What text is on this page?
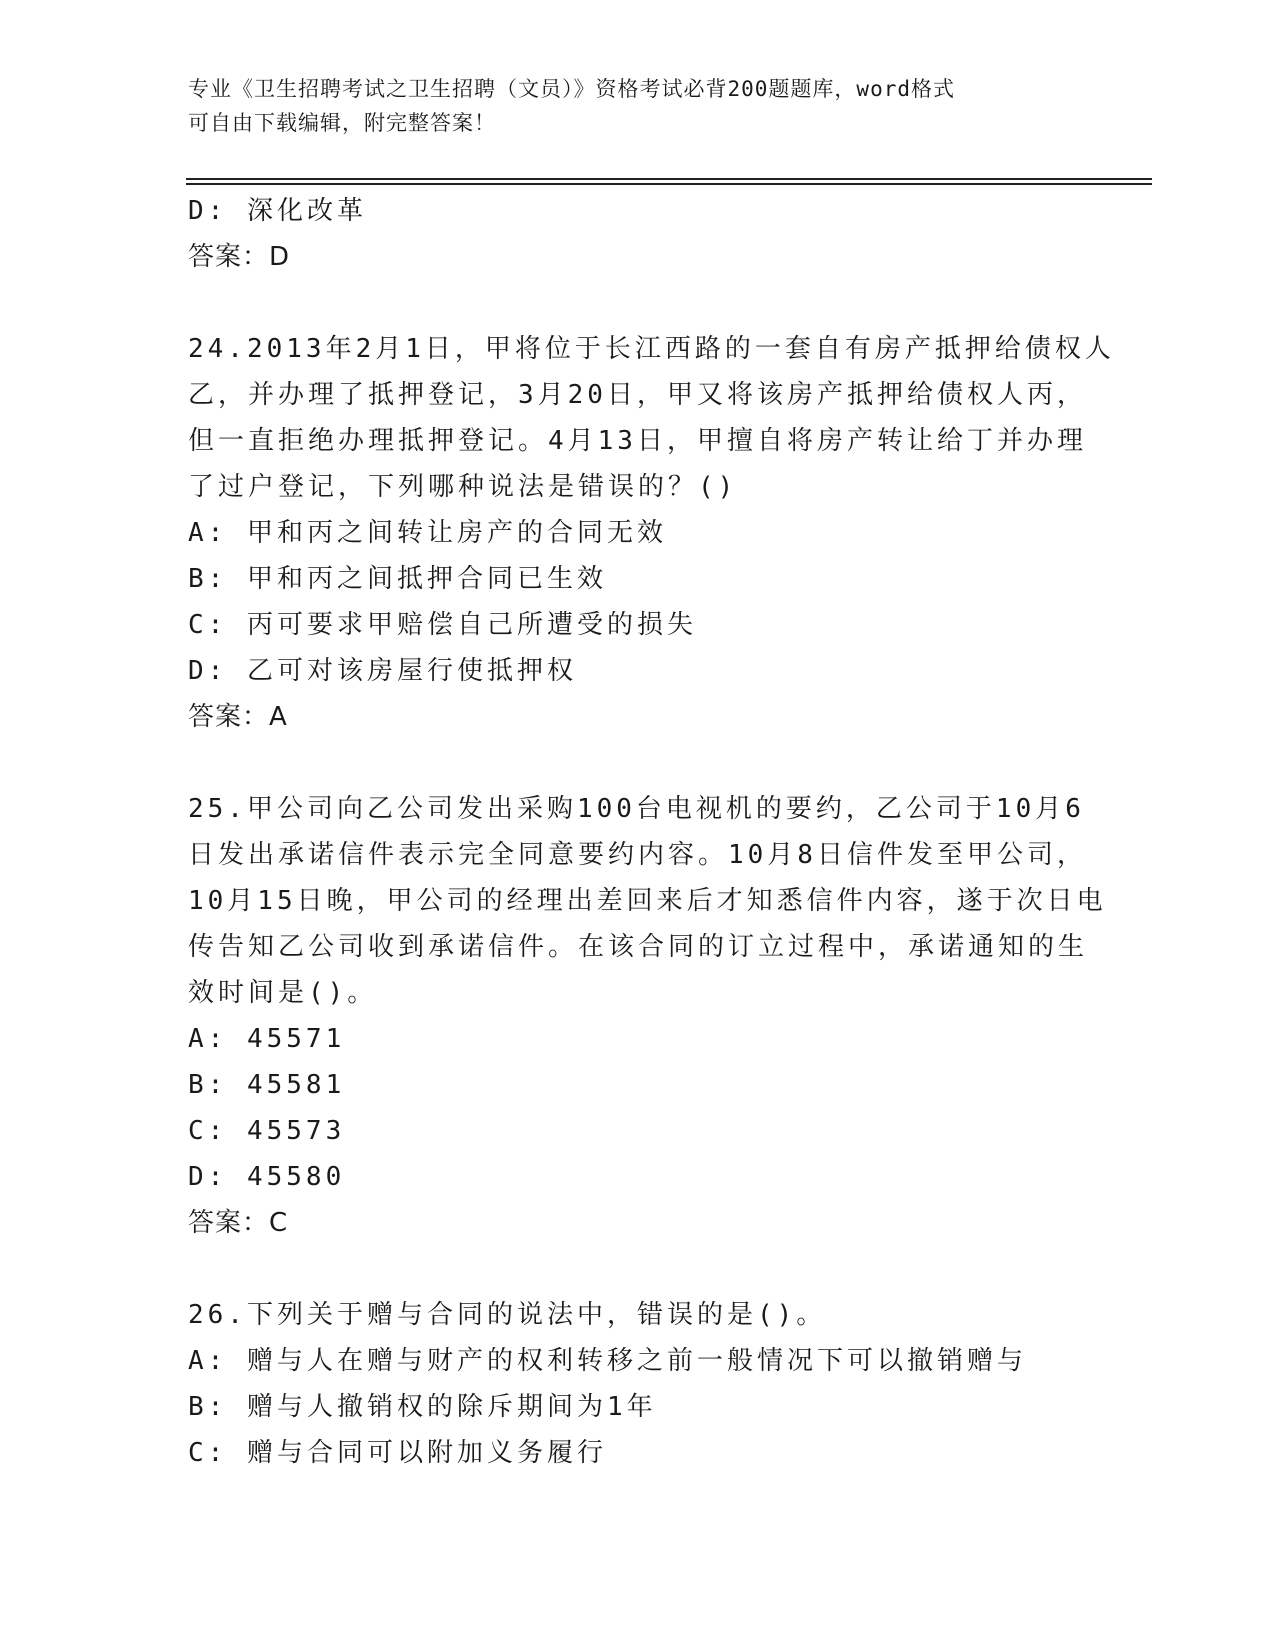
专业《卫生招聘考试之卫生招聘（文员）》资格考试必背200题题库，word格式
可自由下载编辑，附完整答案！
D: 深化改革
答案：D
24.2013年2月1日，甲将位于长江西路的一套自有房产抵押给债权人
乙，并办理了抵押登记，3月20日，甲又将该房产抵押给债权人丙，
但一直拒绝办理抵押登记。4月13日，甲擅自将房产转让给丁并办理
了过户登记，下列哪种说法是错误的？()
A: 甲和丙之间转让房产的合同无效
B: 甲和丙之间抵押合同已生效
C: 丙可要求甲赔偿自己所遭受的损失
D: 乙可对该房屋行使抵押权
答案：A
25.甲公司向乙公司发出采购100台电视机的要约，乙公司于10月6
日发出承诺信件表示完全同意要约内容。10月8日信件发至甲公司，
10月15日晚，甲公司的经理出差回来后才知悉信件内容，遂于次日电
传告知乙公司收到承诺信件。在该合同的订立过程中，承诺通知的生
效时间是()。
A: 45571
B: 45581
C: 45573
D: 45580
答案：C
26.下列关于赠与合同的说法中，错误的是()。
A: 赠与人在赠与财产的权利转移之前一般情况下可以撤销赠与
B: 赠与人撤销权的除斥期间为1年
C: 赠与合同可以附加义务履行
